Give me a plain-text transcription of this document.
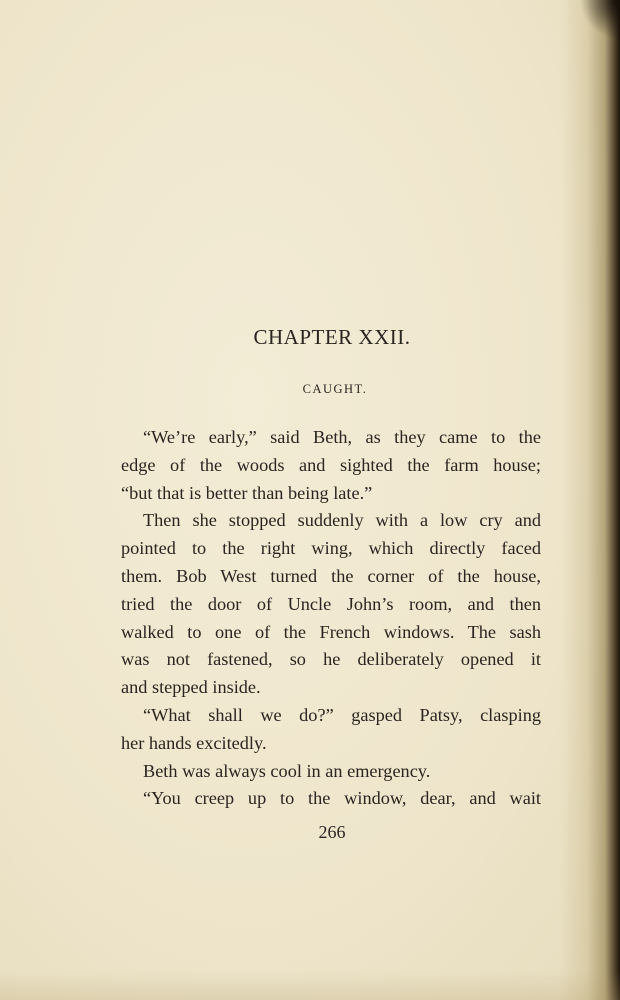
CHAPTER XXII.
CAUGHT.
“We’re early,” said Beth, as they came to the
edge of the woods and sighted the farm house;
“but that is better than being late.”
Then she stopped suddenly with a low cry and
pointed to the right wing, which directly faced
them. Bob West turned the corner of the house,
tried the door of Uncle John’s room, and then
walked to one of the French windows. The sash
was not fastened, so he deliberately opened it
and stepped inside.
“What shall we do?” gasped Patsy, clasping
her hands excitedly.
Beth was always cool in an emergency.
“You creep up to the window, dear, and wait
266
